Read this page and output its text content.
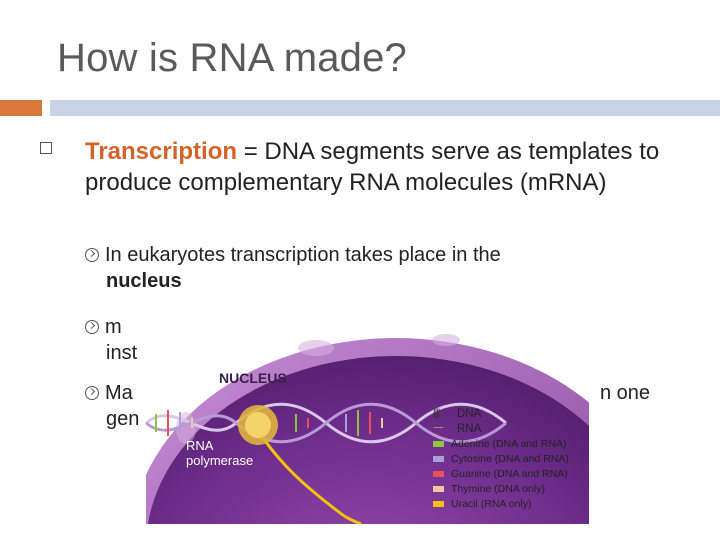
How is RNA made?
Transcription = DNA segments serve as templates to produce complementary RNA molecules (mRNA)
In eukaryotes transcription takes place in the
nucleus
m
inst
Ma
gen
n one
NUCLEUS
RNA
polymerase
||||	DNA
~~	RNA
Adenine (DNA and RNA)
Cytosine (DNA and RNA)
Guanine (DNA and RNA)
Thymine (DNA only)
Uracil (RNA only)
